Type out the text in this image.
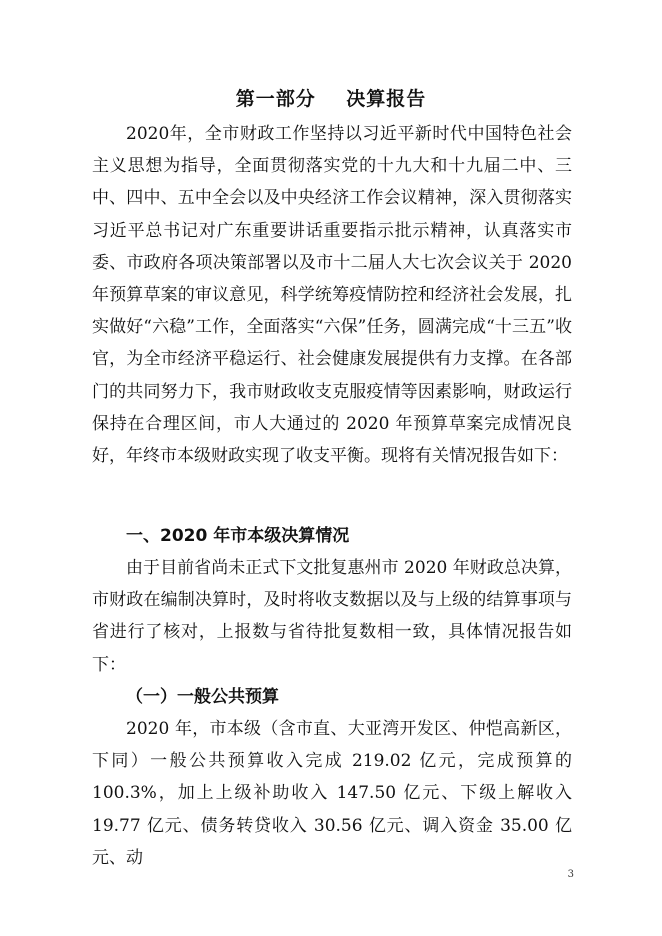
第一部分    决算报告

2020年，全市财政工作坚持以习近平新时代中国特色社会主义思想为指导，全面贯彻落实党的十九大和十九届二中、三中、四中、五中全会以及中央经济工作会议精神，深入贯彻落实习近平总书记对广东重要讲话重要指示批示精神，认真落实市委、市政府各项决策部署以及市十二届人大七次会议关于 2020 年预算草案的审议意见，科学统筹疫情防控和经济社会发展，扎实做好“六稳”工作，全面落实“六保”任务，圆满完成“十三五”收官，为全市经济平稳运行、社会健康发展提供有力支撑。在各部门的共同努力下，我市财政收支克服疫情等因素影响，财政运行保持在合理区间，市人大通过的 2020 年预算草案完成情况良好，年终市本级财政实现了收支平衡。现将有关情况报告如下：

一、2020 年市本级决算情况

由于目前省尚未正式下文批复惠州市 2020 年财政总决算，市财政在编制决算时，及时将收支数据以及与上级的结算事项与省进行了核对，上报数与省待批复数相一致，具体情况报告如下：

（一）一般公共预算

2020 年，市本级（含市直、大亚湾开发区、仲恺高新区，下同）一般公共预算收入完成 219.02 亿元，完成预算的 100.3%，加上上级补助收入 147.50 亿元、下级上解收入 19.77 亿元、债务转贷收入 30.56 亿元、调入资金 35.00 亿元、动

3
